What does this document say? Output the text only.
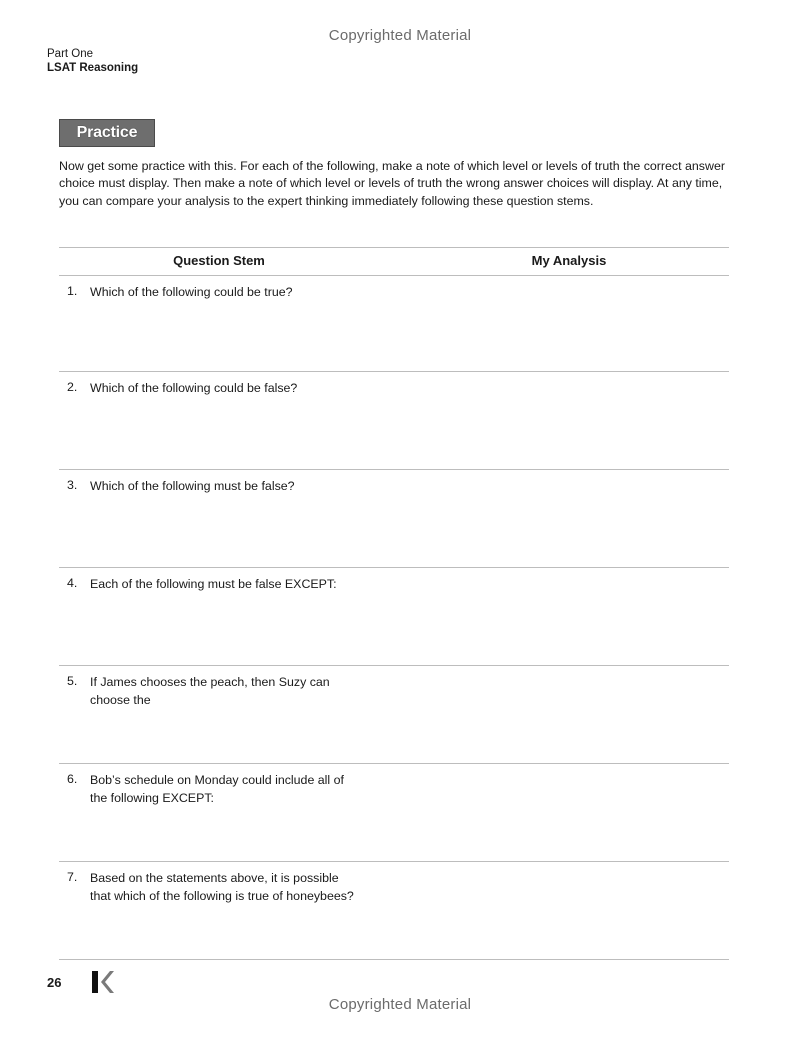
Copyrighted Material
Part One
LSAT Reasoning
Practice
Now get some practice with this. For each of the following, make a note of which level or levels of truth the correct answer choice must display. Then make a note of which level or levels of truth the wrong answer choices will display. At any time, you can compare your analysis to the expert thinking immediately following these question stems.
Question Stem	My Analysis
1. Which of the following could be true?
2. Which of the following could be false?
3. Which of the following must be false?
4. Each of the following must be false EXCEPT:
5. If James chooses the peach, then Suzy can choose the
6. Bob’s schedule on Monday could include all of the following EXCEPT:
7. Based on the statements above, it is possible that which of the following is true of honeybees?
26
Copyrighted Material
